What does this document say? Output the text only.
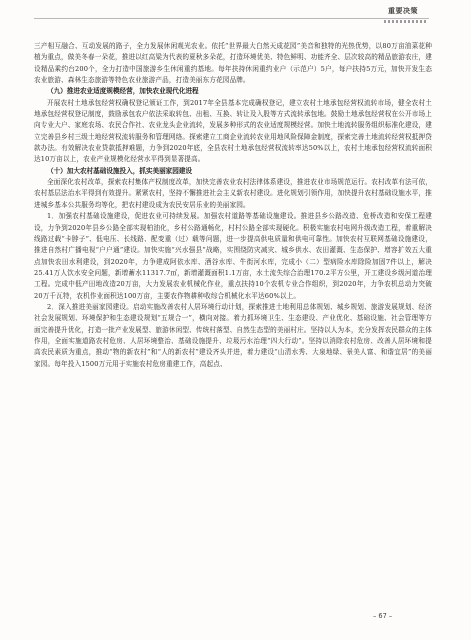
重要决策

三产相互融合、互动发展的路子，全力发展休闲观光农业。依托“世界最大白然天成花园”美音和独特的光热优势，以80万亩油菜花种植为重点，做美冬春一朵花，推进以红高粱为代表的夏秋多朵花，打造环境优美、特色鲜明、功能齐全、层次较高的精品旅游农庄，建设精品乘约台200个，全力打造中国旅游乡生休闲重约基地。每年扶持休闲重约业户（示范户）5户，每户扶持5万元，加快开发生态农业旅游、森林生态旅游等特色农业旅游产品，打造美丽东方花园品牌。

（九）推进农业适度规模经营，加快农业现代化进程

开展农村土地承包经营权确权登记颁证工作，到2017年全县基本完成确权登记，建立农村土地承包经营权流转市场，健全农村土地承包经营权登记制度，鼓励承包农户依法采取转包、出租、互换、转让及入股等方式流转承包地。鼓励土地承包经营权在公开市场上向专业大户、家庭农场、农民合作社、农业龙头企业流转，发展多种形式的农业适度规模经营。加快土地流转服务组织标准化建设，建立完善县乡村三级土地经营权流转服务和管理网络。探索建立工商企业流转农业用地风险保障金制度，探索完善土地流转经营权抵押贷款办法。有效解决农业贷款抵押难题，力争到2020年底，全县农村土地承包经营权流转率达50%以上，农村土地承包经营权流转面积达10万亩以上，农业产业规模化经营水平得到显著提高。

（十）加大农村基础设施投入，抓实美丽家园建设

全面深化农村改革，探索农村集体产权制度改革，加快完善农业农村法律体系建设，推进农业市场规范运行。农村改革有法可依，农村基层法治水平得到有效提升。紧紧农村，坚持不懈推进社会主义新农村建设。进化规划引领作用，加快提升农村基础设施水平，推进城乡基本公共服务均等化，把农村建设成为农民安居乐业的美丽家园。

1．加强农村基础设施建设，促进农业可持续发展。加强农村道路等基础设施建设。推进县乡公路改造、危桥改造和安保工程建设，力争到2020年县乡公路全部实现柏油化，乡村公路通畅化，村村公路全部实现硬化。积极实施农村电网升级改造工程，着重解决线路过载“卡脖子”、低电压、长线路、配变重（过）载等问题，进一步提高供电质量和供电可靠性。加快农村互联网基础设施建设，推进自然村广播电视“户户通”建设。加快实施“兴水强县”战略，实围绕防灾减灾、城乡供水、农田灌溉、生态保护、增容扩效五大重点加快农田水利建设，到2020年，力争建成阿依水库、酒谷水库、牛街河水库，完成小（二）型病险水库除险加固7件以上，解决25.41万人饮水安全问题，新增蓄水11317.7㎡，新增灌溉面积1.1万亩，水土流失综合治理170.2平方公里，开工建设乡级河道治理工程。完成中低产田地改造20万亩，大力发展农业机械化作业，重点扶持10个农机专业合作组织，到2020年，力争农机总动力突破20万千瓦特，农机作业面积达100万亩，主要农作物耕种收综合机械化水平达60%以上。

2．深入推进美丽家园建设。启动实施改善农村人居环境行动计划，探索推进土地利用总体规划、城乡规划、旅游发展规划、经济社会发展规划、环境保护和生态建设规划“五规合一”，横向对接。着力抓环境卫生、生态建设、产业优化、基础设施、社会管理等方面完善提升优化，打造一批产业发展型、旅游休闲型、传统村落型、自然生态型的美丽村庄。坚持以人为本，充分发挥农民群众的主体作用，全面实施道路农村危房、人居环境整治、基础设施提升、垃圾污水治理“四大行动”。坚持以消除农村危房、改善人居环境和提高农民素质为重点，推动“物的新农村”和“人的新农村”建设齐头并进，着力建设“山清水秀、大泉地绿、景美人富、和谐宜居”的美丽家园。每年投入1500万元用于实施农村危房重建工作，高起点、

– 67 –
